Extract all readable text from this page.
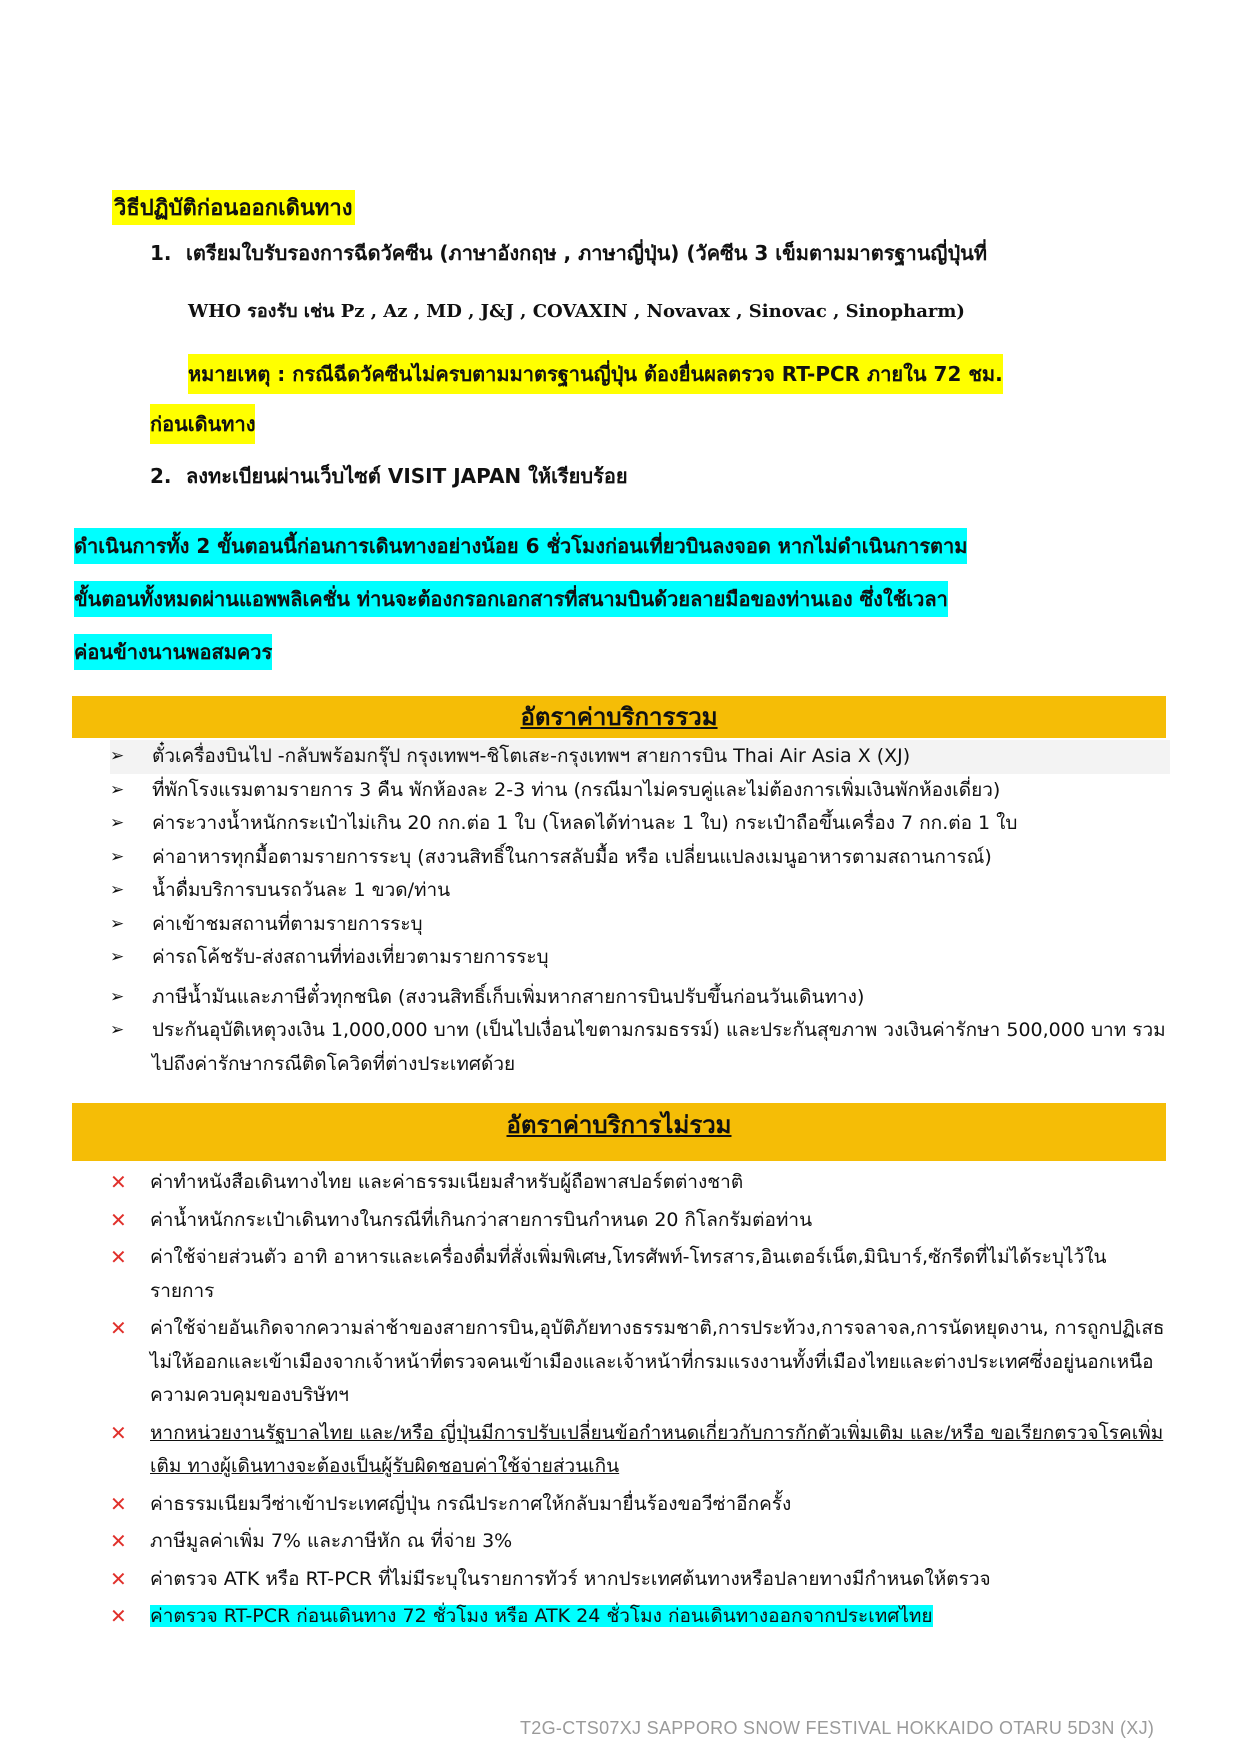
วิธีปฏิบัติก่อนออกเดินทาง
1. เตรียมใบรับรองการฉีดวัคซีน (ภาษาอังกฤษ , ภาษาญี่ปุ่น) (วัคซีน 3 เข็มตามมาตรฐานญี่ปุ่นที่
WHO รองรับ เช่น Pz , Az , MD , J&J , COVAXIN , Novavax , Sinovac , Sinopharm)
หมายเหตุ : กรณีฉีดวัคซีนไม่ครบตามมาตรฐานญี่ปุ่น ต้องยื่นผลตรวจ RT-PCR ภายใน 72 ชม.
ก่อนเดินทาง
2. ลงทะเบียนผ่านเว็บไซต์ VISIT JAPAN ให้เรียบร้อย
ดำเนินการทั้ง 2 ขั้นตอนนี้ก่อนการเดินทางอย่างน้อย 6 ชั่วโมงก่อนเที่ยวบินลงจอด หากไม่ดำเนินการตาม
ขั้นตอนทั้งหมดผ่านแอพพลิเคชั่น ท่านจะต้องกรอกเอกสารที่สนามบินด้วยลายมือของท่านเอง ซึ่งใช้เวลา
ค่อนข้างนานพอสมควร
อัตราค่าบริการรวม
➢	ตั๋วเครื่องบินไป -กลับพร้อมกรุ๊ป กรุงเทพฯ-ชิโตเสะ-กรุงเทพฯ สายการบิน Thai Air Asia X (XJ)
➢	ที่พักโรงแรมตามรายการ 3 คืน พักห้องละ 2-3 ท่าน (กรณีมาไม่ครบคู่และไม่ต้องการเพิ่มเงินพักห้องเดี่ยว)
➢	ค่าระวางน้ำหนักกระเป๋าไม่เกิน 20 กก.ต่อ 1 ใบ (โหลดได้ท่านละ 1 ใบ) กระเป๋าถือขึ้นเครื่อง 7 กก.ต่อ 1 ใบ
➢	ค่าอาหารทุกมื้อตามรายการระบุ (สงวนสิทธิ์ในการสลับมื้อ หรือ เปลี่ยนแปลงเมนูอาหารตามสถานการณ์)
➢	น้ำดื่มบริการบนรถวันละ 1 ขวด/ท่าน
➢	ค่าเข้าชมสถานที่ตามรายการระบุ
➢	ค่ารถโค้ชรับ-ส่งสถานที่ท่องเที่ยวตามรายการระบุ
➢	ภาษีน้ำมันและภาษีตั๋วทุกชนิด (สงวนสิทธิ์เก็บเพิ่มหากสายการบินปรับขึ้นก่อนวันเดินทาง)
➢	ประกันอุบัติเหตุวงเงิน 1,000,000 บาท (เป็นไปเงื่อนไขตามกรมธรรม์) และประกันสุขภาพ วงเงินค่ารักษา 500,000 บาท รวมไปถึงค่ารักษากรณีติดโควิดที่ต่างประเทศด้วย
อัตราค่าบริการไม่รวม
✕	ค่าทำหนังสือเดินทางไทย และค่าธรรมเนียมสำหรับผู้ถือพาสปอร์ตต่างชาติ
✕	ค่าน้ำหนักกระเป๋าเดินทางในกรณีที่เกินกว่าสายการบินกำหนด 20 กิโลกรัมต่อท่าน
✕	ค่าใช้จ่ายส่วนตัว อาทิ อาหารและเครื่องดื่มที่สั่งเพิ่มพิเศษ,โทรศัพท์-โทรสาร,อินเตอร์เน็ต,มินิบาร์,ซักรีดที่ไม่ได้ระบุไว้ในรายการ
✕	ค่าใช้จ่ายอันเกิดจากความล่าช้าของสายการบิน,อุบัติภัยทางธรรมชาติ,การประท้วง,การจลาจล,การนัดหยุดงาน, การถูกปฏิเสธไม่ให้ออกและเข้าเมืองจากเจ้าหน้าที่ตรวจคนเข้าเมืองและเจ้าหน้าที่กรมแรงงานทั้งที่เมืองไทยและต่างประเทศซึ่งอยู่นอกเหนือความควบคุมของบริษัทฯ
✕	หากหน่วยงานรัฐบาลไทย และ/หรือ ญี่ปุ่นมีการปรับเปลี่ยนข้อกำหนดเกี่ยวกับการกักตัวเพิ่มเติม และ/หรือ ขอเรียกตรวจโรคเพิ่มเติม ทางผู้เดินทางจะต้องเป็นผู้รับผิดชอบค่าใช้จ่ายส่วนเกิน
✕	ค่าธรรมเนียมวีซ่าเข้าประเทศญี่ปุ่น กรณีประกาศให้กลับมายื่นร้องขอวีซ่าอีกครั้ง
✕	ภาษีมูลค่าเพิ่ม 7% และภาษีหัก ณ ที่จ่าย 3%
✕	ค่าตรวจ ATK หรือ RT-PCR ที่ไม่มีระบุในรายการทัวร์ หากประเทศต้นทางหรือปลายทางมีกำหนดให้ตรวจ
✕	ค่าตรวจ RT-PCR ก่อนเดินทาง 72 ชั่วโมง หรือ ATK 24 ชั่วโมง ก่อนเดินทางออกจากประเทศไทย
T2G-CTS07XJ SAPPORO SNOW FESTIVAL HOKKAIDO OTARU 5D3N (XJ)
